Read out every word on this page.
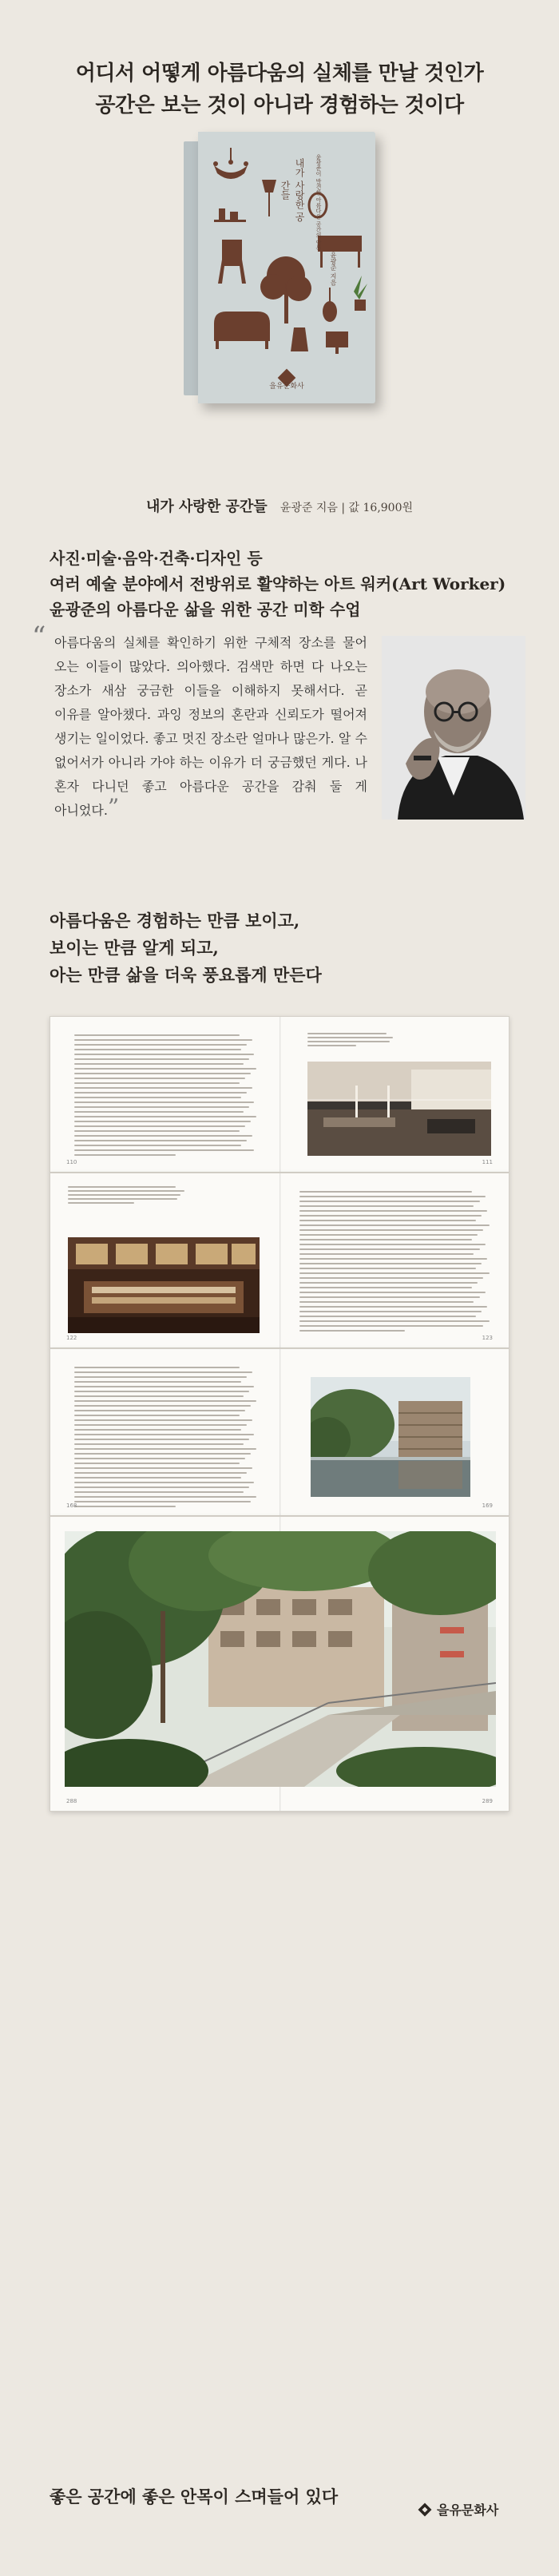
어디서 어떻게 아름다움의 실체를 만날 것인가
공간은 보는 것이 아니라 경험하는 것이다
내가 사랑한 공간들	윤광준이 발견한 아름다운 공간의 안목
윤광준 지음
을유문화사
내가 사랑한 공간들 윤광준 지음 | 값 16,900원
사진·미술·음악·건축·디자인 등
여러 예술 분야에서 전방위로 활약하는 아트 워커(Art Worker)
윤광준의 아름다운 삶을 위한 공간 미학 수업
“ 아름다움의 실체를 확인하기 위한 구체적 장소를 물어 오는 이들이 많았다. 의아했다. 검색만 하면 다 나오는 장소가 새삼 궁금한 이들을 이해하지 못해서다. 곧 이유를 알아챘다. 과잉 정보의 혼란과 신뢰도가 떨어져 생기는 일이었다. 좋고 멋진 장소란 얼마나 많은가. 알 수 없어서가 아니라 가야 하는 이유가 더 궁금했던 게다. 나 혼자 다니던 좋고 아름다운 공간을 감춰 둘 게 아니었다.”

아름다움은 경험하는 만큼 보이고,
보이는 만큼 알게 되고,
아는 만큼 삶을 더욱 풍요롭게 만든다
110	111
122	123
168	169
288	289
좋은 공간에 좋은 안목이 스며들어 있다
을유문화사
